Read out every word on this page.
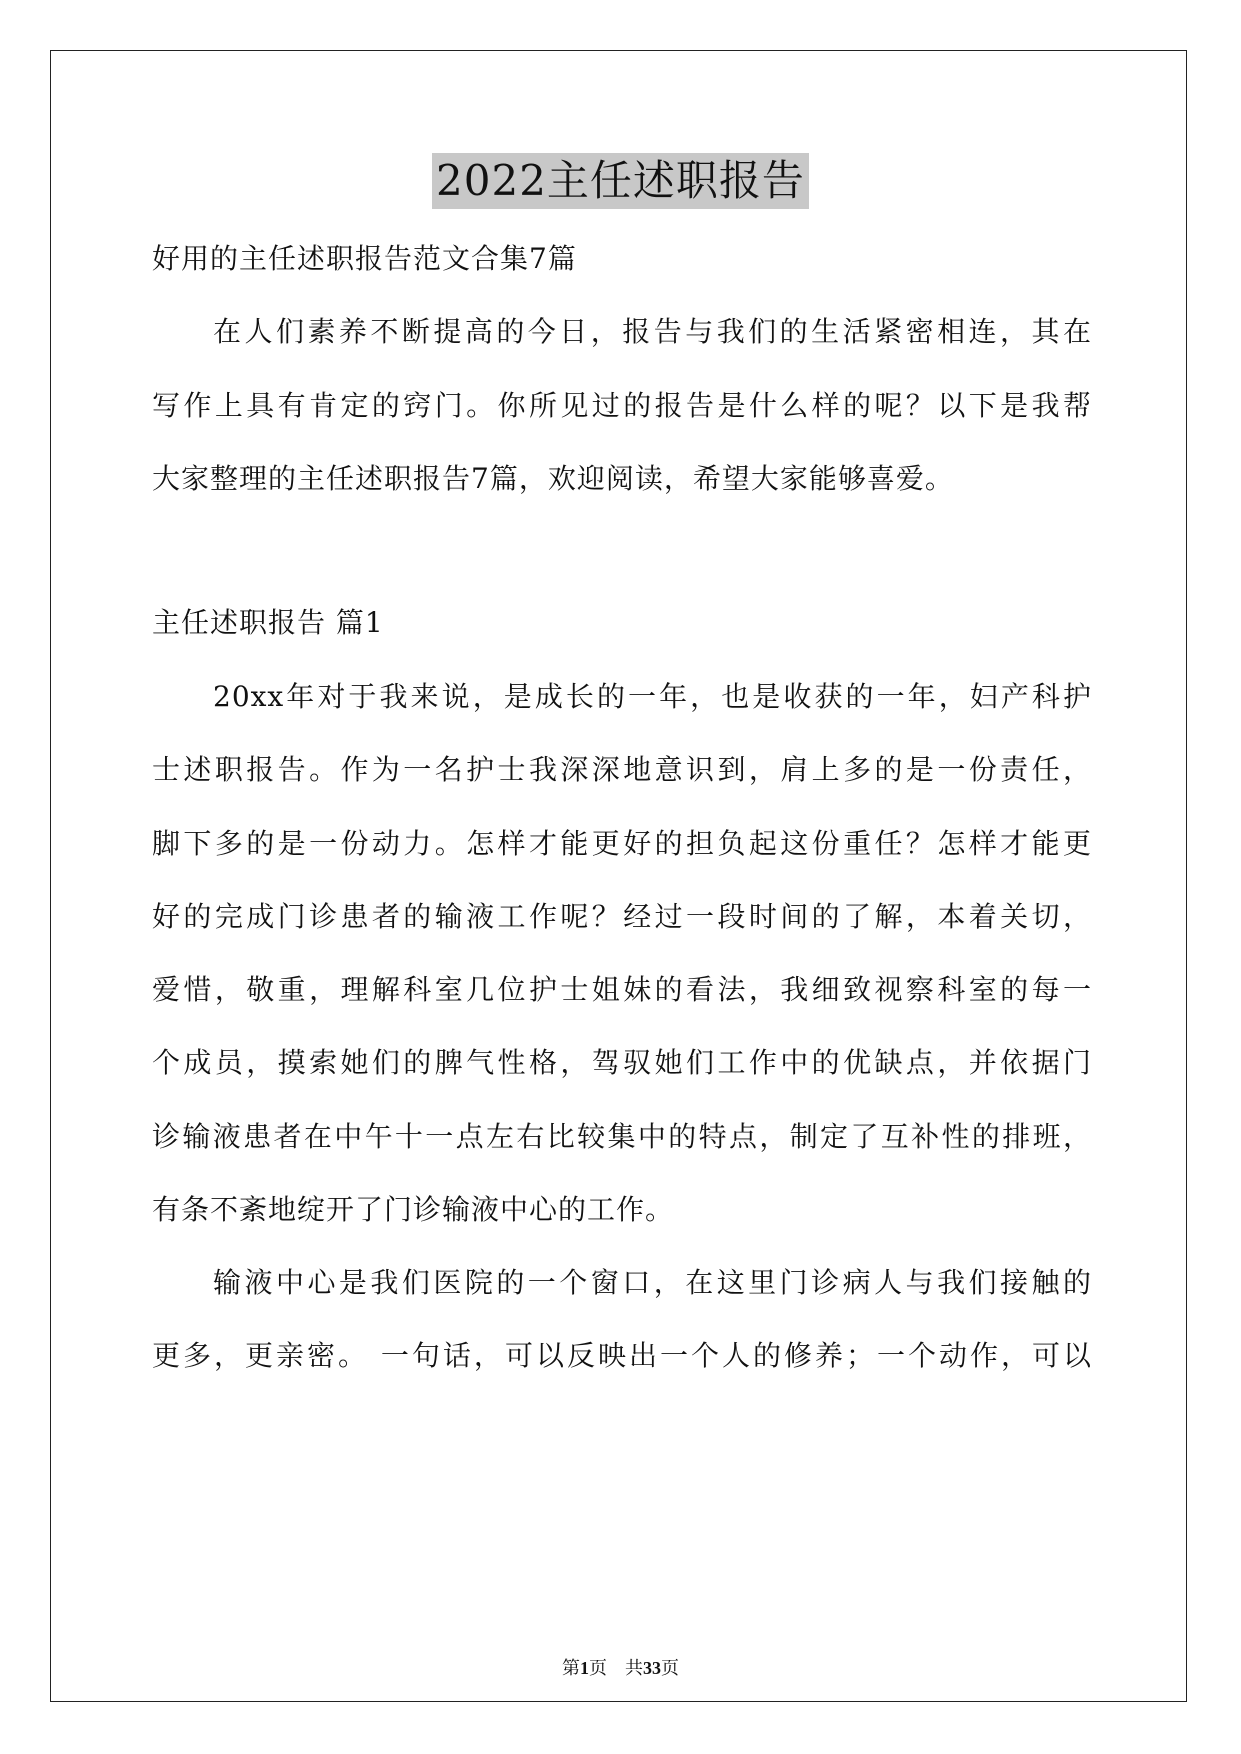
2022主任述职报告
好用的主任述职报告范文合集7篇
在人们素养不断提高的今日，报告与我们的生活紧密相连，其在
写作上具有肯定的窍门。你所见过的报告是什么样的呢？以下是我帮
大家整理的主任述职报告7篇，欢迎阅读，希望大家能够喜爱。
主任述职报告 篇1
20xx年对于我来说，是成长的一年，也是收获的一年，妇产科护
士述职报告。作为一名护士我深深地意识到，肩上多的是一份责任，
脚下多的是一份动力。怎样才能更好的担负起这份重任？怎样才能更
好的完成门诊患者的输液工作呢？经过一段时间的了解，本着关切，
爱惜，敬重，理解科室几位护士姐妹的看法，我细致视察科室的每一
个成员，摸索她们的脾气性格，驾驭她们工作中的优缺点，并依据门
诊输液患者在中午十一点左右比较集中的特点，制定了互补性的排班，
有条不紊地绽开了门诊输液中心的工作。
输液中心是我们医院的一个窗口，在这里门诊病人与我们接触的
更多，更亲密。 一句话，可以反映出一个人的修养；一个动作，可以
第1页 共33页
